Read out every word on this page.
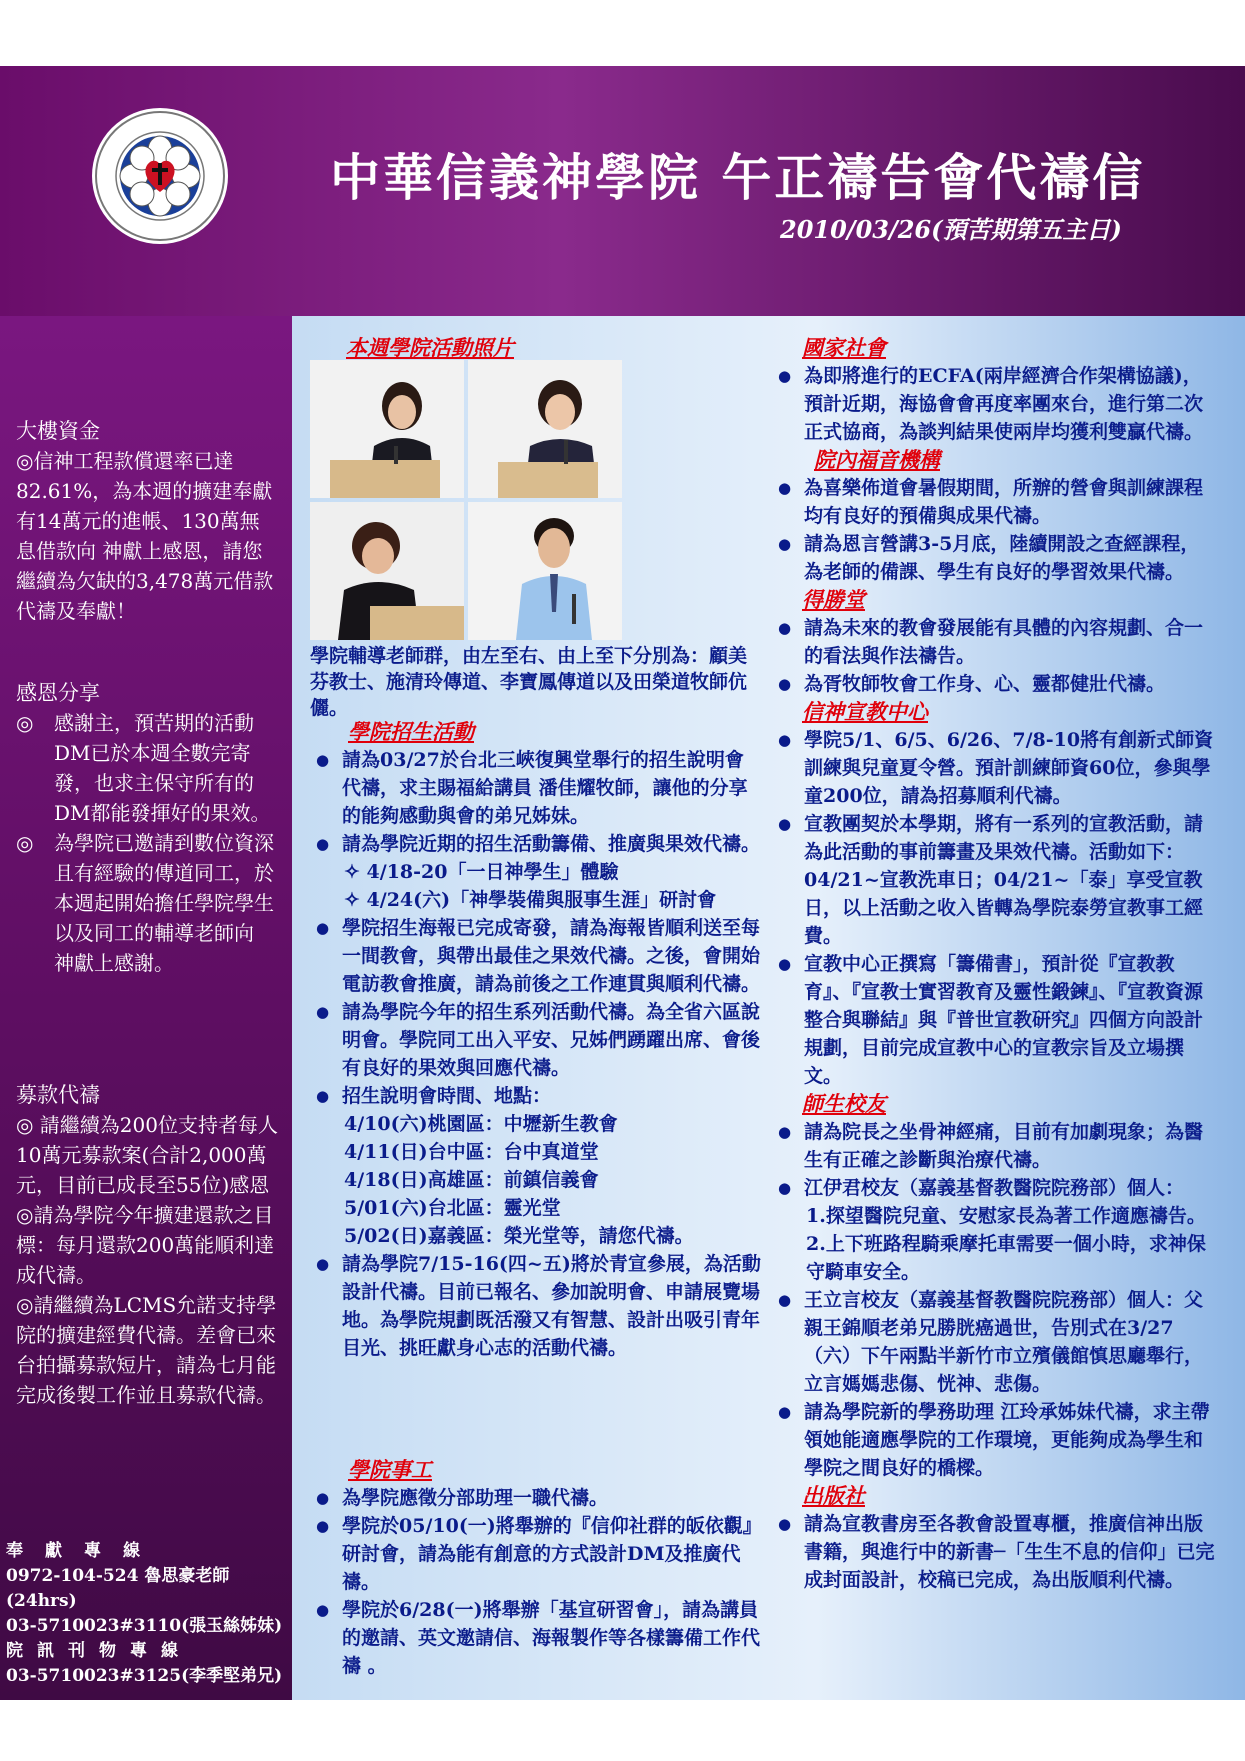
中華信義神學院 午正禱告會代禱信
2010/03/26(預苦期第五主日)
大樓資金
◎信神工程款償還率已達82.61%，為本週的擴建奉獻有14萬元的進帳、130萬無息借款向 神獻上感恩，請您繼續為欠缺的3,478萬元借款代禱及奉獻！
感恩分享
◎ 感謝主，預苦期的活動DM已於本週全數完寄發，也求主保守所有的DM都能發揮好的果效。
◎ 為學院已邀請到數位資深且有經驗的傳道同工，於本週起開始擔任學院學生以及同工的輔導老師向 神獻上感謝。
募款代禱
◎ 請繼續為200位支持者每人10萬元募款案(合計2,000萬元，目前已成長至55位)感恩
◎請為學院今年擴建還款之目標：每月還款200萬能順利達成代禱。
◎請繼續為LCMS允諾支持學院的擴建經費代禱。差會已來台拍攝募款短片，請為七月能完成後製工作並且募款代禱。
奉獻專線
0972-104-524 魯思豪老師(24hrs)
03-5710023#3110(張玉絲姊妹)
院訊刊物專線
03-5710023#3125(李季堅弟兄)
本週學院活動照片
學院輔導老師群，由左至右、由上至下分別為：顧美芬教士、施清玲傳道、李寶鳳傳道以及田榮道牧師伉儷。
學院招生活動
● 請為03/27於台北三峽復興堂舉行的招生說明會代禱，求主賜福給講員 潘佳耀牧師，讓他的分享的能夠感動與會的弟兄姊妹。
● 請為學院近期的招生活動籌備、推廣與果效代禱。
✧ 4/18-20「一日神學生」體驗
✧ 4/24(六)「神學裝備與服事生涯」研討會
● 學院招生海報已完成寄發，請為海報皆順利送至每一間教會，與帶出最佳之果效代禱。之後，會開始電訪教會推廣，請為前後之工作連貫與順利代禱。
● 請為學院今年的招生系列活動代禱。為全省六區說明會。學院同工出入平安、兄姊們踴躍出席、會後有良好的果效與回應代禱。
● 招生說明會時間、地點：
4/10(六)桃園區：中壢新生教會
4/11(日)台中區：台中真道堂
4/18(日)高雄區：前鎮信義會
5/01(六)台北區：靈光堂
5/02(日)嘉義區：榮光堂等，請您代禱。
● 請為學院7/15-16(四~五)將於青宣參展，為活動設計代禱。目前已報名、參加說明會、申請展覽場地。為學院規劃既活潑又有智慧、設計出吸引青年目光、挑旺獻身心志的活動代禱。
學院事工
● 為學院應徵分部助理一職代禱。
● 學院於05/10(一)將舉辦的『信仰社群的皈依觀』研討會，請為能有創意的方式設計DM及推廣代禱。
● 學院於6/28(一)將舉辦「基宣研習會」，請為講員的邀請、英文邀請信、海報製作等各樣籌備工作代禱 。
國家社會
● 為即將進行的ECFA(兩岸經濟合作架構協議)，預計近期，海協會會再度率團來台，進行第二次正式協商，為談判結果使兩岸均獲利雙贏代禱。
院內福音機構
● 為喜樂佈道會暑假期間，所辦的營會與訓練課程均有良好的預備與成果代禱。
● 請為恩言營講3-5月底，陸續開設之查經課程，為老師的備課、學生有良好的學習效果代禱。
得勝堂
● 請為未來的教會發展能有具體的內容規劃、合一的看法與作法禱告。
● 為胥牧師牧會工作身、心、靈都健壯代禱。
信神宣教中心
● 學院5/1、6/5、6/26、7/8-10將有創新式師資訓練與兒童夏令營。預計訓練師資60位，參與學童200位，請為招募順利代禱。
● 宣教團契於本學期，將有一系列的宣教活動，請為此活動的事前籌畫及果效代禱。活動如下：04/21~宣教洗車日；04/21~「泰」享受宣教日，以上活動之收入皆轉為學院泰勞宣教事工經費。
● 宣教中心正撰寫「籌備書」，預計從『宣教教育』、『宣教士實習教育及靈性鍛鍊』、『宣教資源整合與聯結』與『普世宣教研究』四個方向設計規劃，目前完成宣教中心的宣教宗旨及立場撰文。
師生校友
● 請為院長之坐骨神經痛，目前有加劇現象；為醫生有正確之診斷與治療代禱。
● 江伊君校友（嘉義基督教醫院院務部）個人：
1.探望醫院兒童、安慰家長為著工作適應禱告。
2.上下班路程騎乘摩托車需要一個小時，求神保守騎車安全。
● 王立言校友（嘉義基督教醫院院務部）個人：父親王錦順老弟兄勝胱癌過世，告別式在3/27（六）下午兩點半新竹市立殯儀館慎思廳舉行，立言媽媽悲傷、恍神、悲傷。
● 請為學院新的學務助理 江玲承姊妹代禱，求主帶領她能適應學院的工作環境，更能夠成為學生和學院之間良好的橋樑。
出版社
● 請為宣教書房至各教會設置專櫃，推廣信神出版書籍，與進行中的新書─「生生不息的信仰」已完成封面設計，校稿已完成，為出版順利代禱。
